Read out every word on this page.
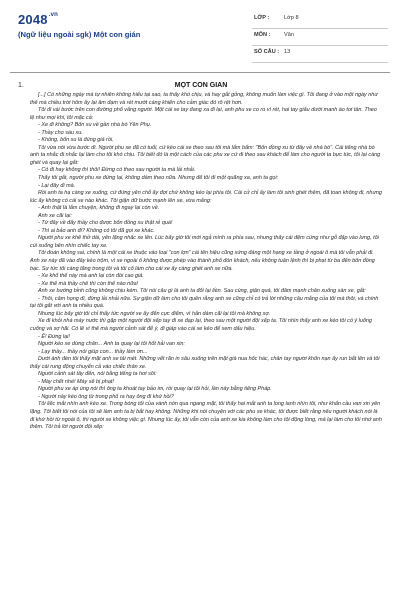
$2048^{.vn}$
(Ngữ liệu ngoài sgk) Một con gián
LỚP :	Lớp 8
MÔN : Văn
SỐ CÂU : 13
1.	MỘT CON GIÁN

[...] Có những ngày mà tự nhiên không hiểu tại sao, ta thấy khó chịu, và hay gắt gỏng, không muốn làm việc gì. Tôi đang ở vào một ngày như thế mà chiều trời hôm ấy lại âm đạm và rét mướt càng khiến cho cảm giác đó rõ rệt hơn.

Tôi đi vài bước trên con đường phố vắng người. Một cái xe tay đang xa đi lại, anh phu xe co ro vì rét, hai tay giấu dưới manh áo tơi tàn. Theo lệ như mọi khi, tôi mặc cả:

- Xe đi không? Bốn xu về gần nhà bò Yên Phụ.

- Thầy cho sáu xu.

- Không, bốn xu là đúng giá rồi.

Tôi vừa nói vừa bước đi. Người phu xe đã có tuổi, cứ kéo cái xe theo sau tôi mà lẩm bẩm: "Bốn đồng xu từ đây về nhà bò". Cái tiếng nhà bò anh ta nhắc đi nhắc lại làm cho tôi khó chịu. Tôi biết đó là một cách của các phu xe cứ đi theo sau khách để làm cho người ta bực tức, tôi lại càng ghét và quay lại gắt:

- Có đi hay không thì thôi! Đừng có theo sau người ta mà lải nhải.

Thấy tôi gắt, người phu xe đứng lại, không dám theo nữa. Nhưng để tôi đi một quãng xa, anh ta gọi:

- Lại đây đi mà.

Rồi anh ta hạ càng xe xuống, cứ đứng yên chỗ ấy đợi chứ không kéo lại phía tôi. Cái cử chỉ ấy làm tôi sinh ghét thêm, đã toan không đi, nhưng lúc ấy không có cái xe nào khác. Tôi giận dữ bước mạnh lên xe, vừa mắng:

- Anh thật là lắm chuyện, không đi ngay lại còn về.

Anh xe cãi lại:

- Từ đây về đấy thầy cho được bốn đồng xu thật rẻ quá!

- Thì ai bảo anh đi? Không có tôi đã gọi xe khác.

Người phu xe khẽ thở dài, yên lặng nhấc xe lên. Lúc bấy giờ tôi mới ngả mình ra phía sau, nhưng thấy cái đệm cứng như gỗ đập vào lưng, tôi cúi xuống bên nhìn chiếc tay xe.

Tôi đoán không sai, chính là một cái xe thuộc vào loại "con lợn" cái tên hiệu cũng xứng đáng một hạng xe tầng ở ngoài ô mà tôi vẫn phải đi. Anh xe này đã vào đây kéo trộm, vì xe ngoài ô không được phép vào thành phố đón khách, nếu không tuân lệnh thì bị phạt từ ba đến bốn đồng bạc. Sự tức tối càng tăng trong tôi và tôi cố làm cho cái xe ấy càng ghét anh xe nữa.

- Xe khổ thế này mà anh lại còn đòi cao giá.

- Xe thế mà thầy chê thì còn thế nào nữa!

Anh xe bướng bỉnh cũng không chịu kém. Tôi nói câu gì là anh ta đối lại liền. Sau cùng, giận quá, tôi đâm mạnh chân xuống sàn xe, gắt:

- Thôi, câm họng đi, đừng lải nhải nữa. Sự giận dữ làm cho tôi quên rằng anh xe cũng chỉ có trả lời những câu mắng của tôi mà thôi, và chính tại tôi gắt với anh ta nhiều quá.

Nhưng lúc bấy giờ tôi chỉ thấy tức người xe ấy đến cực điểm, vì hắn dám cãi lại tôi mà không sợ.

Xe đi khỏi nhà máy nước thì gặp một người đội xếp tay đi xe đạp lại, theo sau một người đội xếp ta. Tôi nhìn thấy anh xe kéo tôi có ý luống cuống và sợ hãi. Có lẽ vì thế mà người cảnh sát để ý, đi giáp vào cái xe kéo để xem dấu hiệu.

- Ê! Đứng lại!

Người kéo xe dừng chân... Anh ta quay lại tôi hốt hải van xin:

- Lạy thầy... thầy nói giúp con... thầy làm ơn...

Dưới ánh đèn tôi thấy mặt anh xe tái mét. Những vết răn in sâu xuống trên mặt già nua hốc hác, chân tay người khốn nạn ấy run bắt lên và tôi thấy cái rung động chuyển cả vào chiếc thân xe.

Người cảnh sát tây đến, nói bằng tiếng ta hơi sõi:

- Mày chết nhé! Mày sẽ bị phạt!

Người phu xe áp úng nói thì ông ta khoát tay bảo im, rồi quay lại tôi hỏi, lần này bằng tiếng Pháp.

- Người này kéo ông từ trong phố ra hay ông đi khứ hồi?

Tôi liếc mắt nhìn anh kéo xe. Trong bóng tối của vành nón qua ngang mặt, tôi thấy hai mắt anh ta long lanh nhìn tôi, như khẩn cầu van xin yên lặng. Tôi biết tôi nói của tôi sẽ làm anh ta bị bắt hay không. Những khi nói chuyện với các phu xe khác, tôi được biết rằng nếu người khách nói là đi khứ hồi từ ngoài ô, thì người xe không việc gì. Nhưng lúc ấy, tôi vẫn còn của anh xe kia không làm cho tôi động lòng, mà lại làm cho tôi nhớ anh thêm. Tôi trả lời người đội xếp:
